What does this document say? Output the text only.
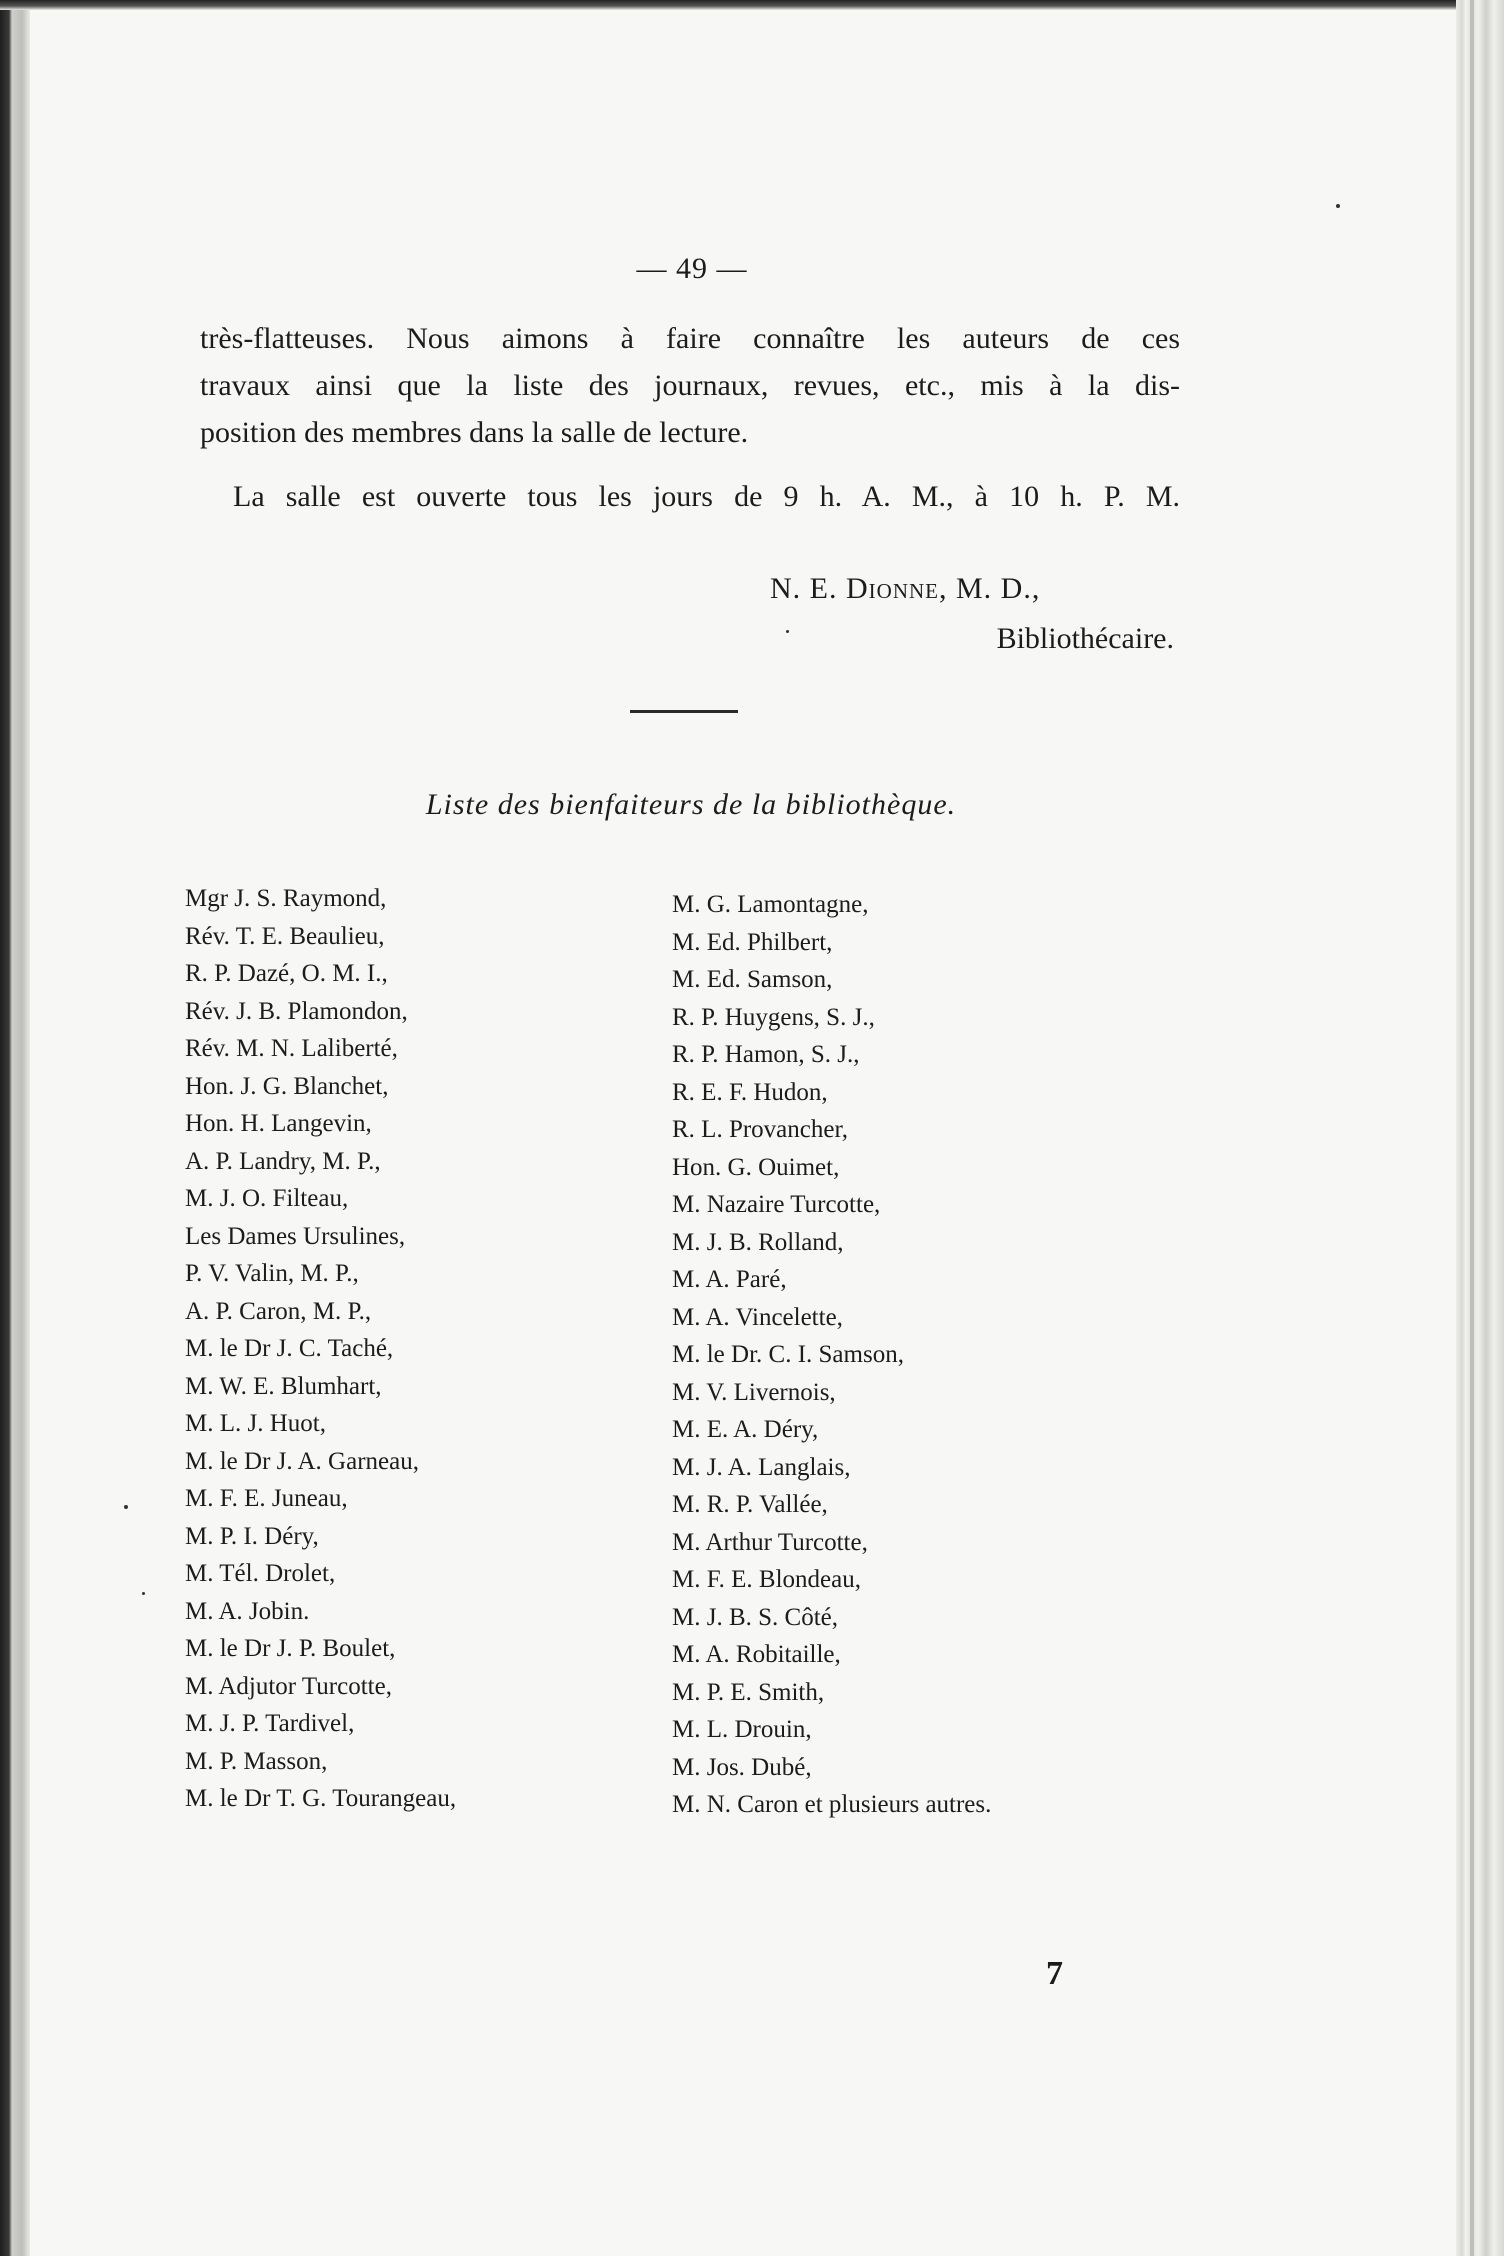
— 49 —
très-flatteuses. Nous aimons à faire connaître les auteurs de ces
travaux ainsi que la liste des journaux, revues, etc., mis à la dis-
position des membres dans la salle de lecture.
La salle est ouverte tous les jours de 9 h. A. M., à 10 h. P. M.
N. E. Dionne, M. D.,
Bibliothécaire.
Liste des bienfaiteurs de la bibliothèque.
Mgr J. S. Raymond,
Rév. T. E. Beaulieu,
R. P. Dazé, O. M. I.,
Rév. J. B. Plamondon,
Rév. M. N. Laliberté,
Hon. J. G. Blanchet,
Hon. H. Langevin,
A. P. Landry, M. P.,
M. J. O. Filteau,
Les Dames Ursulines,
P. V. Valin, M. P.,
A. P. Caron, M. P.,
M. le Dr J. C. Taché,
M. W. E. Blumhart,
M. L. J. Huot,
M. le Dr J. A. Garneau,
M. F. E. Juneau,
M. P. I. Déry,
M. Tél. Drolet,
M. A. Jobin.
M. le Dr J. P. Boulet,
M. Adjutor Turcotte,
M. J. P. Tardivel,
M. P. Masson,
M. le Dr T. G. Tourangeau,
M. G. Lamontagne,
M. Ed. Philbert,
M. Ed. Samson,
R. P. Huygens, S. J.,
R. P. Hamon, S. J.,
R. E. F. Hudon,
R. L. Provancher,
Hon. G. Ouimet,
M. Nazaire Turcotte,
M. J. B. Rolland,
M. A. Paré,
M. A. Vincelette,
M. le Dr. C. I. Samson,
M. V. Livernois,
M. E. A. Déry,
M. J. A. Langlais,
M. R. P. Vallée,
M. Arthur Turcotte,
M. F. E. Blondeau,
M. J. B. S. Côté,
M. A. Robitaille,
M. P. E. Smith,
M. L. Drouin,
M. Jos. Dubé,
M. N. Caron et plusieurs autres.
7
